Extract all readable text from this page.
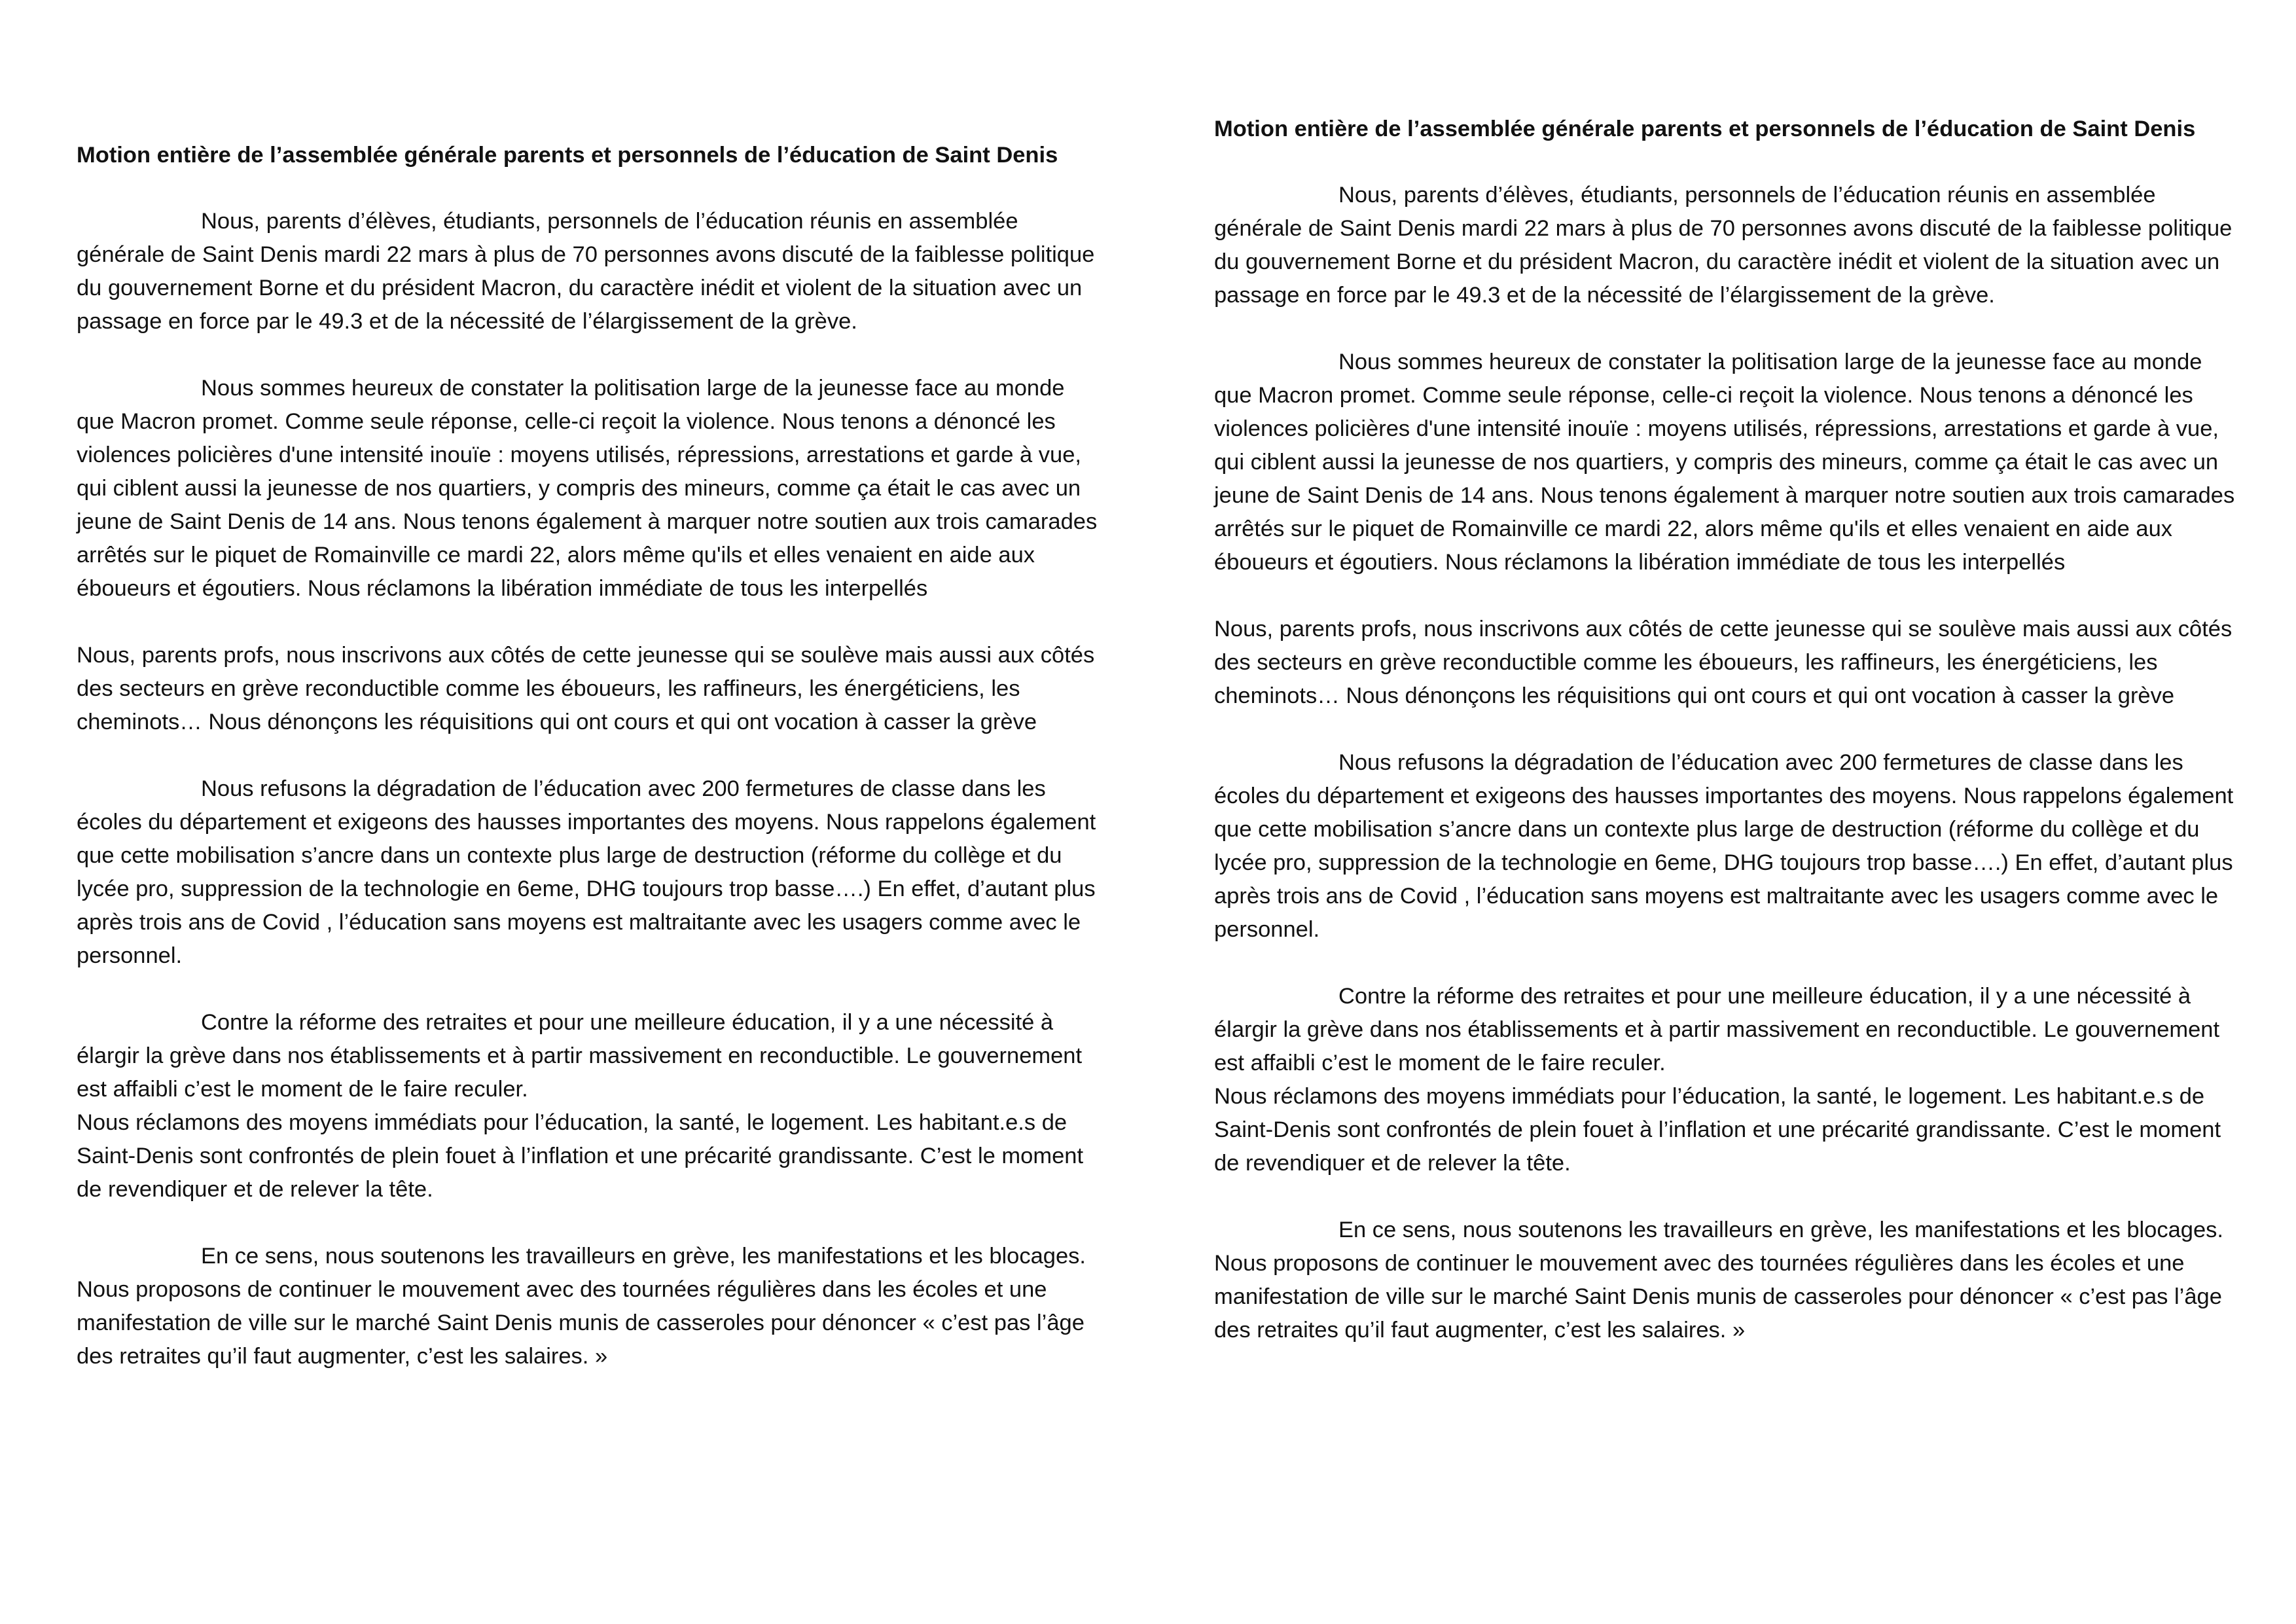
Motion entière de l’assemblée générale parents et personnels de l’éducation de Saint Denis

Nous, parents d’élèves, étudiants, personnels de l’éducation réunis en assemblée générale de Saint Denis mardi 22 mars à plus de 70 personnes avons discuté de la faiblesse politique du gouvernement Borne et du président Macron, du caractère inédit et violent de la situation avec un passage en force par le 49.3 et de la nécessité de l’élargissement de la grève.

Nous sommes heureux de constater la politisation large de la jeunesse face au monde que Macron promet. Comme seule réponse, celle-ci reçoit la violence. Nous tenons a dénoncé les violences policières d'une intensité inouïe : moyens utilisés, répressions, arrestations et garde à vue, qui ciblent aussi la jeunesse de nos quartiers, y compris des mineurs, comme ça était le cas avec un jeune de Saint Denis de 14 ans. Nous tenons également à marquer notre soutien aux trois camarades arrêtés sur le piquet de Romainville ce mardi 22, alors même qu'ils et elles venaient en aide aux éboueurs et égoutiers. Nous réclamons la libération immédiate de tous les interpellés

Nous, parents profs, nous inscrivons aux côtés de cette jeunesse qui se soulève mais aussi aux côtés des secteurs en grève reconductible comme les éboueurs, les raffineurs, les énergéticiens, les cheminots… Nous dénonçons les réquisitions qui ont cours et qui ont vocation à casser la grève

Nous refusons la dégradation de l’éducation avec 200 fermetures de classe dans les écoles du département et exigeons des hausses importantes des moyens. Nous rappelons également que cette mobilisation s’ancre dans un contexte plus large de destruction (réforme du collège et du lycée pro, suppression de la technologie en 6eme, DHG toujours trop basse….) En effet, d’autant plus après trois ans de Covid , l’éducation sans moyens est maltraitante avec les usagers comme avec le personnel.

Contre la réforme des retraites et pour une meilleure éducation, il y a une nécessité à élargir la grève dans nos établissements et à partir massivement en reconductible. Le gouvernement est affaibli c’est le moment de le faire reculer.
Nous réclamons des moyens immédiats pour l’éducation, la santé, le logement. Les habitant.e.s de Saint-Denis sont confrontés de plein fouet à l’inflation et une précarité grandissante. C’est le moment de revendiquer et de relever la tête.

En ce sens, nous soutenons les travailleurs en grève, les manifestations et les blocages. Nous proposons de continuer le mouvement avec des tournées régulières dans les écoles et une manifestation de ville sur le marché Saint Denis munis de casseroles pour dénoncer « c’est pas l’âge des retraites qu’il faut augmenter, c’est les salaires. »

Motion entière de l’assemblée générale parents et personnels de l’éducation de Saint Denis

Nous, parents d’élèves, étudiants, personnels de l’éducation réunis en assemblée générale de Saint Denis mardi 22 mars à plus de 70 personnes avons discuté de la faiblesse politique du gouvernement Borne et du président Macron, du caractère inédit et violent de la situation avec un passage en force par le 49.3 et de la nécessité de l’élargissement de la grève.

Nous sommes heureux de constater la politisation large de la jeunesse face au monde que Macron promet. Comme seule réponse, celle-ci reçoit la violence. Nous tenons a dénoncé les violences policières d'une intensité inouïe : moyens utilisés, répressions, arrestations et garde à vue, qui ciblent aussi la jeunesse de nos quartiers, y compris des mineurs, comme ça était le cas avec un jeune de Saint Denis de 14 ans. Nous tenons également à marquer notre soutien aux trois camarades arrêtés sur le piquet de Romainville ce mardi 22, alors même qu'ils et elles venaient en aide aux éboueurs et égoutiers. Nous réclamons la libération immédiate de tous les interpellés

Nous, parents profs, nous inscrivons aux côtés de cette jeunesse qui se soulève mais aussi aux côtés des secteurs en grève reconductible comme les éboueurs, les raffineurs, les énergéticiens, les cheminots… Nous dénonçons les réquisitions qui ont cours et qui ont vocation à casser la grève

Nous refusons la dégradation de l’éducation avec 200 fermetures de classe dans les écoles du département et exigeons des hausses importantes des moyens. Nous rappelons également que cette mobilisation s’ancre dans un contexte plus large de destruction (réforme du collège et du lycée pro, suppression de la technologie en 6eme, DHG toujours trop basse….) En effet, d’autant plus après trois ans de Covid , l’éducation sans moyens est maltraitante avec les usagers comme avec le personnel.

Contre la réforme des retraites et pour une meilleure éducation, il y a une nécessité à élargir la grève dans nos établissements et à partir massivement en reconductible. Le gouvernement est affaibli c’est le moment de le faire reculer.
Nous réclamons des moyens immédiats pour l’éducation, la santé, le logement. Les habitant.e.s de Saint-Denis sont confrontés de plein fouet à l’inflation et une précarité grandissante. C’est le moment de revendiquer et de relever la tête.

En ce sens, nous soutenons les travailleurs en grève, les manifestations et les blocages. Nous proposons de continuer le mouvement avec des tournées régulières dans les écoles et une manifestation de ville sur le marché Saint Denis munis de casseroles pour dénoncer « c’est pas l’âge des retraites qu’il faut augmenter, c’est les salaires. »
